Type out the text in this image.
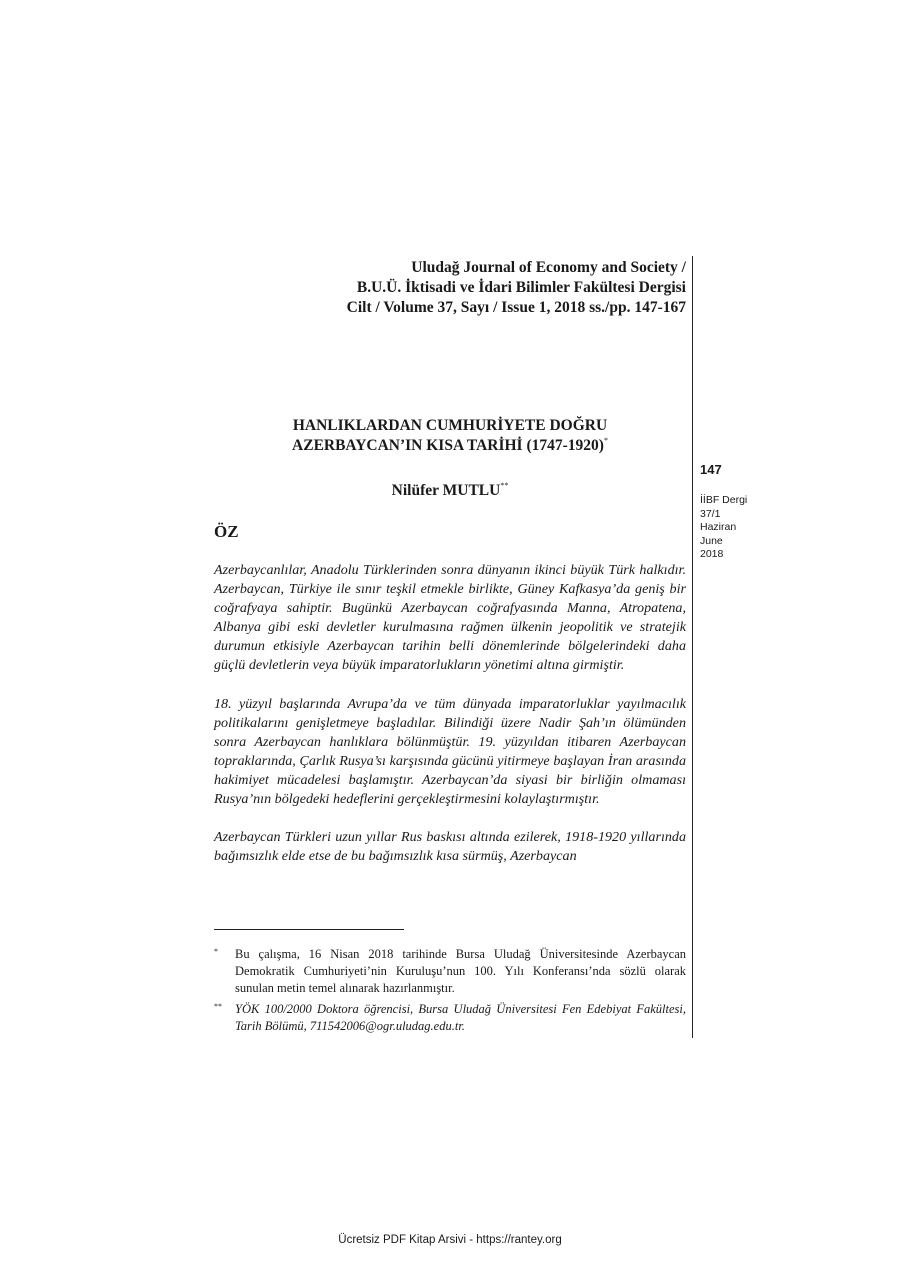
Uludağ Journal of Economy and Society /
B.U.Ü. İktisadi ve İdari Bilimler Fakültesi Dergisi
Cilt / Volume 37, Sayı / Issue 1, 2018 ss./pp. 147-167
HANLIKLARDAN CUMHURİYETE DOĞRU
AZERBAYCAN’IN KISA TARİHİ (1747-1920)*
Nilüfer MUTLU**
147
İİBF Dergi
37/1
Haziran
June
2018
ÖZ

Azerbaycanlılar, Anadolu Türklerinden sonra dünyanın ikinci büyük Türk halkıdır. Azerbaycan, Türkiye ile sınır teşkil etmekle birlikte, Güney Kafkasya’da geniş bir coğrafyaya sahiptir. Bugünkü Azerbaycan coğrafyasında Manna, Atropatena, Albanya gibi eski devletler kurulmasına rağmen ülkenin jeopolitik ve stratejik durumun etkisiyle Azerbaycan tarihin belli dönemlerinde bölgelerindeki daha güçlü devletlerin veya büyük imparatorlukların yönetimi altına girmiştir.

18. yüzyıl başlarında Avrupa’da ve tüm dünyada imparatorluklar yayılmacılık politikalarını genişletmeye başladılar. Bilindiği üzere Nadir Şah’ın ölümünden sonra Azerbaycan hanlıklara bölünmüştür. 19. yüzyıldan itibaren Azerbaycan topraklarında, Çarlık Rusya’sı karşısında gücünü yitirmeye başlayan İran arasında hakimiyet mücadelesi başlamıştır. Azerbaycan’da siyasi bir birliğin olmaması Rusya’nın bölgedeki hedeflerini gerçekleştirmesini kolaylaştırmıştır.

Azerbaycan Türkleri uzun yıllar Rus baskısı altında ezilerek, 1918-1920 yıllarında bağımsızlık elde etse de bu bağımsızlık kısa sürmüş, Azerbaycan

*	Bu çalışma, 16 Nisan 2018 tarihinde Bursa Uludağ Üniversitesinde Azerbaycan Demokratik Cumhuriyeti’nin Kuruluşu’nun 100. Yılı Konferansı’nda sözlü olarak sunulan metin temel alınarak hazırlanmıştır.
**	YÖK 100/2000 Doktora öğrencisi, Bursa Uludağ Üniversitesi Fen Edebiyat Fakültesi, Tarih Bölümü, 711542006@ogr.uludag.edu.tr.
Ücretsiz PDF Kitap Arsivi - https://rantey.org
